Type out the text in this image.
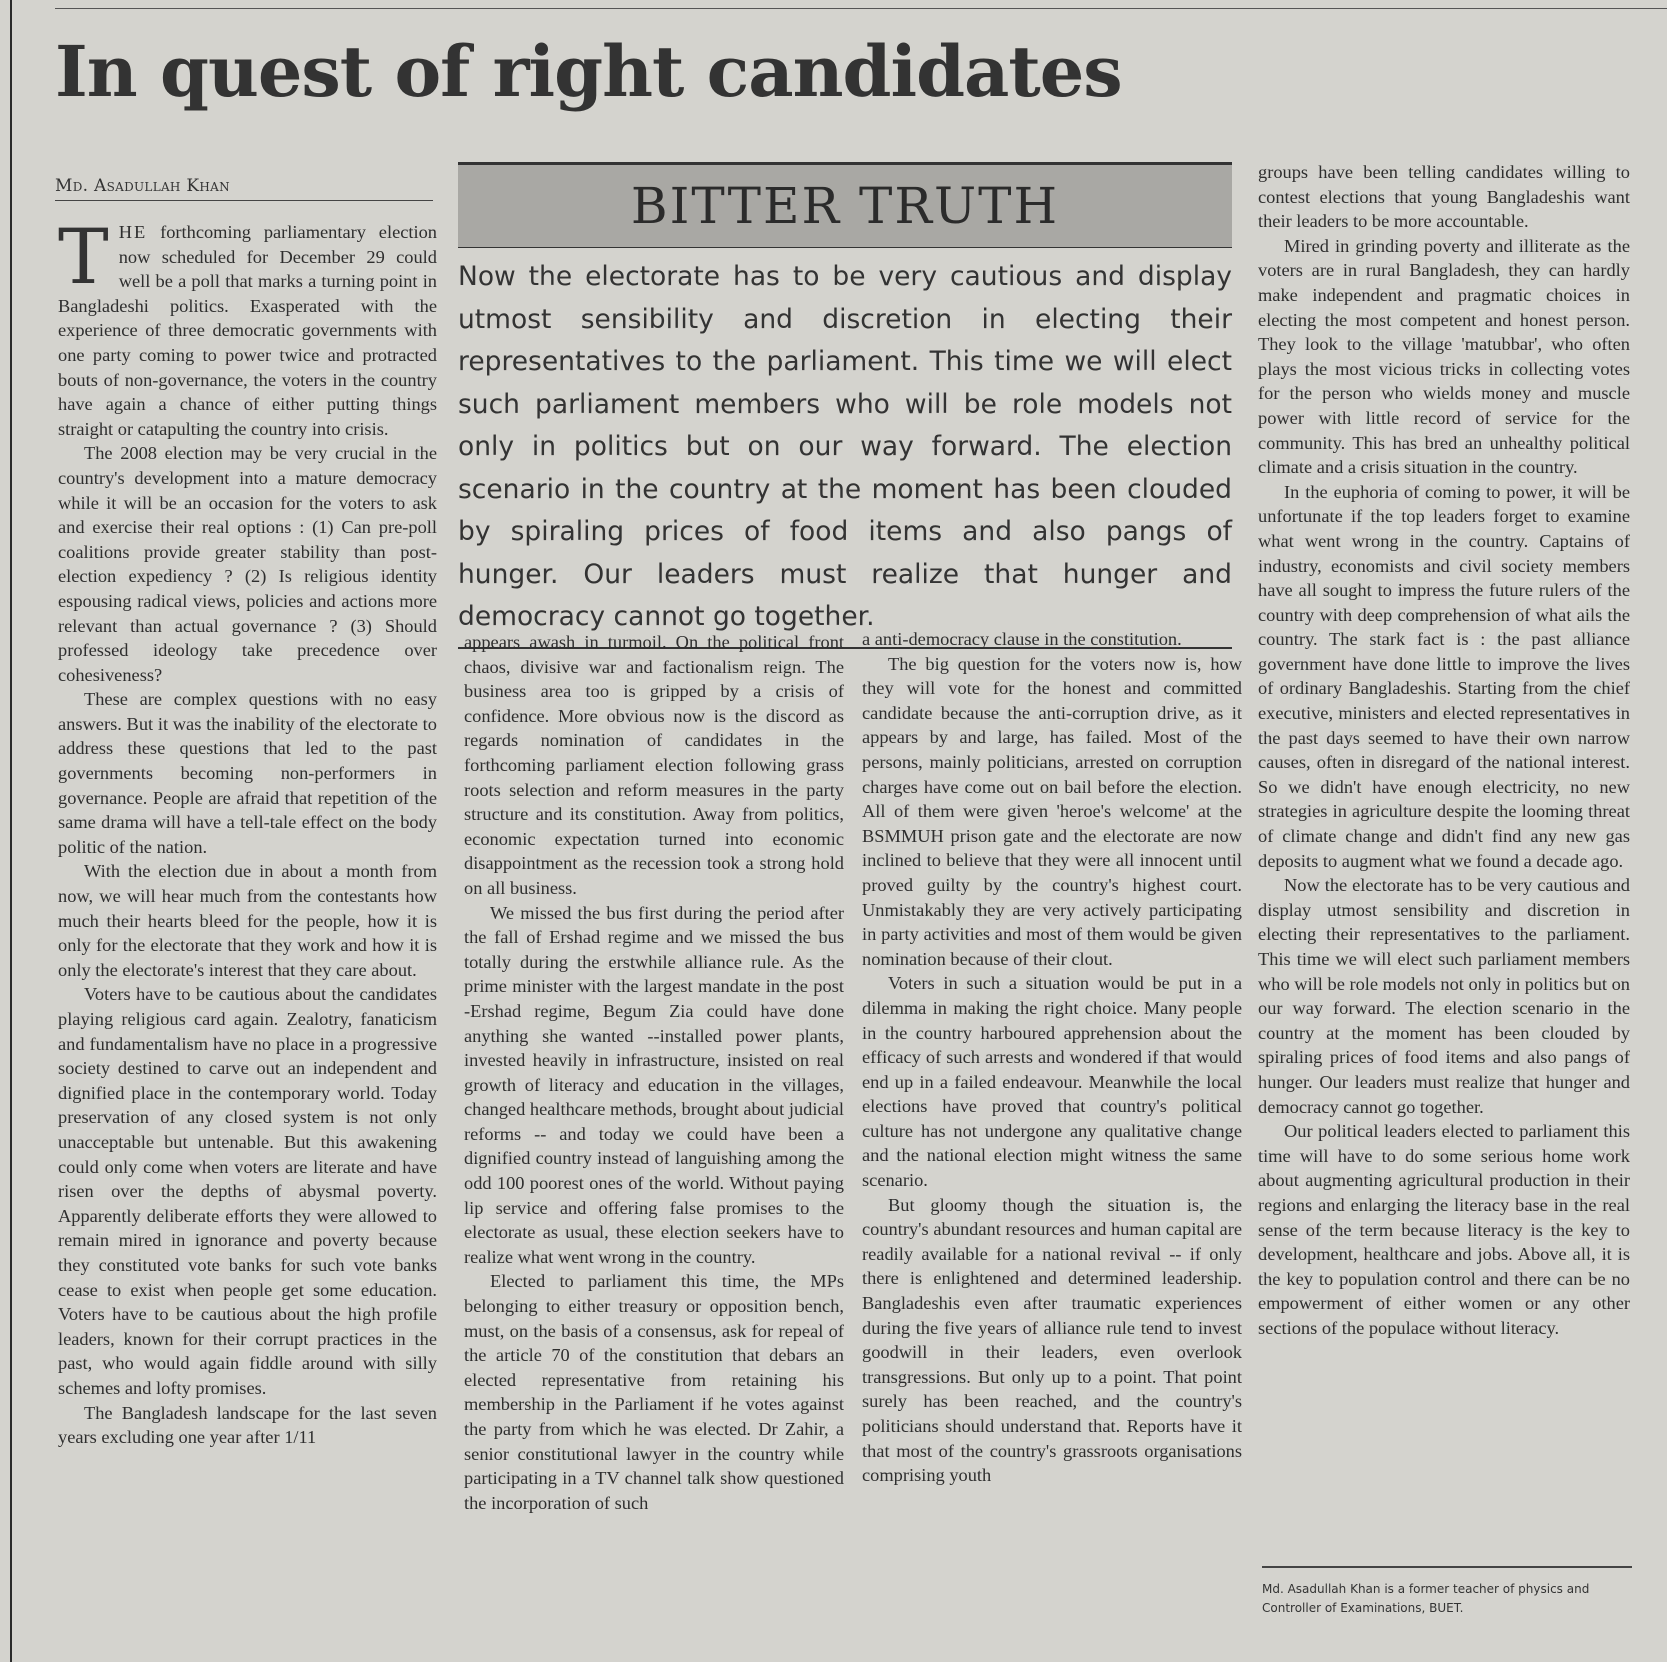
In quest of right candidates
Md. Asadullah Khan

THE forthcoming parliamentary election now scheduled for December 29 could well be a poll that marks a turning point in Bangladeshi politics. Exasperated with the experience of three democratic governments with one party coming to power twice and protracted bouts of non-governance, the voters in the country have again a chance of either putting things straight or catapulting the country into crisis.

The 2008 election may be very crucial in the country's development into a mature democracy while it will be an occasion for the voters to ask and exercise their real options : (1) Can pre-poll coalitions provide greater stability than post-election expediency ? (2) Is religious identity espousing radical views, policies and actions more relevant than actual governance ? (3) Should professed ideology take precedence over cohesiveness?

These are complex questions with no easy answers. But it was the inability of the electorate to address these questions that led to the past governments becoming non-performers in governance. People are afraid that repetition of the same drama will have a tell-tale effect on the body politic of the nation.

With the election due in about a month from now, we will hear much from the contestants how much their hearts bleed for the people, how it is only for the electorate that they work and how it is only the electorate's interest that they care about.

Voters have to be cautious about the candidates playing religious card again. Zealotry, fanaticism and fundamentalism have no place in a progressive society destined to carve out an independent and dignified place in the contemporary world. Today preservation of any closed system is not only unacceptable but untenable. But this awakening could only come when voters are literate and have risen over the depths of abysmal poverty. Apparently deliberate efforts they were allowed to remain mired in ignorance and poverty because they constituted vote banks for such vote banks cease to exist when people get some education. Voters have to be cautious about the high profile leaders, known for their corrupt practices in the past, who would again fiddle around with silly schemes and lofty promises.

The Bangladesh landscape for the last seven years excluding one year after 1/11

BITTER TRUTH
Now the electorate has to be very cautious and display utmost sensibility and discretion in electing their representatives to the parliament. This time we will elect such parliament members who will be role models not only in politics but on our way forward. The election scenario in the country at the moment has been clouded by spiraling prices of food items and also pangs of hunger. Our leaders must realize that hunger and democracy cannot go together.

appears awash in turmoil. On the political front chaos, divisive war and factionalism reign. The business area too is gripped by a crisis of confidence. More obvious now is the discord as regards nomination of candidates in the forthcoming parliament election following grass roots selection and reform measures in the party structure and its constitution. Away from politics, economic expectation turned into economic disappointment as the recession took a strong hold on all business.

We missed the bus first during the period after the fall of Ershad regime and we missed the bus totally during the erstwhile alliance rule. As the prime minister with the largest mandate in the post -Ershad regime, Begum Zia could have done anything she wanted --installed power plants, invested heavily in infrastructure, insisted on real growth of literacy and education in the villages, changed healthcare methods, brought about judicial reforms -- and today we could have been a dignified country instead of languishing among the odd 100 poorest ones of the world. Without paying lip service and offering false promises to the electorate as usual, these election seekers have to realize what went wrong in the country.

Elected to parliament this time, the MPs belonging to either treasury or opposition bench, must, on the basis of a consensus, ask for repeal of the article 70 of the constitution that debars an elected representative from retaining his membership in the Parliament if he votes against the party from which he was elected. Dr Zahir, a senior constitutional lawyer in the country while participating in a TV channel talk show questioned the incorporation of such

a anti-democracy clause in the constitution.

The big question for the voters now is, how they will vote for the honest and committed candidate because the anti-corruption drive, as it appears by and large, has failed. Most of the persons, mainly politicians, arrested on corruption charges have come out on bail before the election. All of them were given 'heroe's welcome' at the BSMMUH prison gate and the electorate are now inclined to believe that they were all innocent until proved guilty by the country's highest court. Unmistakably they are very actively participating in party activities and most of them would be given nomination because of their clout.

Voters in such a situation would be put in a dilemma in making the right choice. Many people in the country harboured apprehension about the efficacy of such arrests and wondered if that would end up in a failed endeavour. Meanwhile the local elections have proved that country's political culture has not undergone any qualitative change and the national election might witness the same scenario.

But gloomy though the situation is, the country's abundant resources and human capital are readily available for a national revival -- if only there is enlightened and determined leadership. Bangladeshis even after traumatic experiences during the five years of alliance rule tend to invest goodwill in their leaders, even overlook transgressions. But only up to a point. That point surely has been reached, and the country's politicians should understand that. Reports have it that most of the country's grassroots organisations comprising youth

groups have been telling candidates willing to contest elections that young Bangladeshis want their leaders to be more accountable.

Mired in grinding poverty and illiterate as the voters are in rural Bangladesh, they can hardly make independent and pragmatic choices in electing the most competent and honest person. They look to the village 'matubbar', who often plays the most vicious tricks in collecting votes for the person who wields money and muscle power with little record of service for the community. This has bred an unhealthy political climate and a crisis situation in the country.

In the euphoria of coming to power, it will be unfortunate if the top leaders forget to examine what went wrong in the country. Captains of industry, economists and civil society members have all sought to impress the future rulers of the country with deep comprehension of what ails the country. The stark fact is : the past alliance government have done little to improve the lives of ordinary Bangladeshis. Starting from the chief executive, ministers and elected representatives in the past days seemed to have their own narrow causes, often in disregard of the national interest. So we didn't have enough electricity, no new strategies in agriculture despite the looming threat of climate change and didn't find any new gas deposits to augment what we found a decade ago.

Now the electorate has to be very cautious and display utmost sensibility and discretion in electing their representatives to the parliament. This time we will elect such parliament members who will be role models not only in politics but on our way forward. The election scenario in the country at the moment has been clouded by spiraling prices of food items and also pangs of hunger. Our leaders must realize that hunger and democracy cannot go together.

Our political leaders elected to parliament this time will have to do some serious home work about augmenting agricultural production in their regions and enlarging the literacy base in the real sense of the term because literacy is the key to development, healthcare and jobs. Above all, it is the key to population control and there can be no empowerment of either women or any other sections of the populace without literacy.

Md. Asadullah Khan is a former teacher of physics and Controller of Examinations, BUET.
